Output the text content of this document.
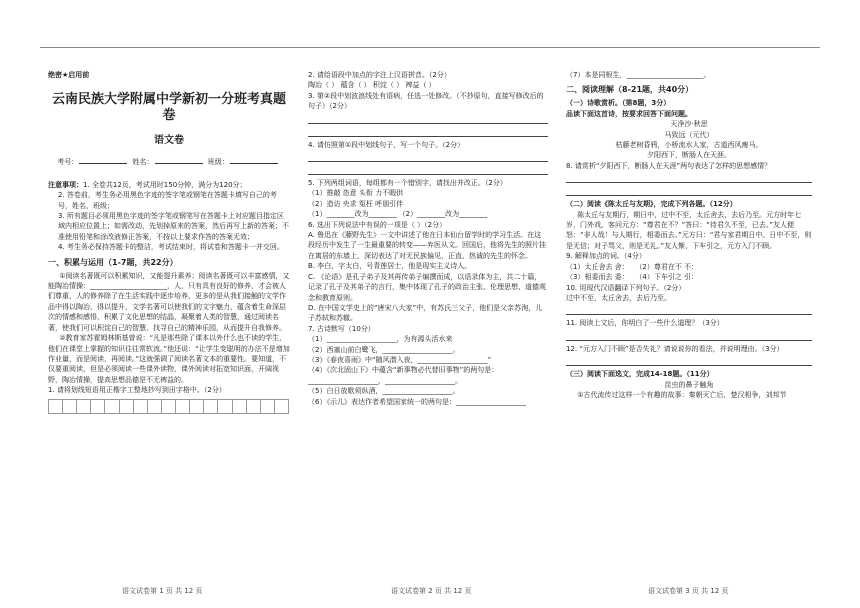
绝密★启用前

云南民族大学附属中学新初一分班考真题卷

语文卷

考号：	姓名：	班级：

注意事项：1. 全卷共12页，考试用时150分钟，满分为120分；

2. 答卷前，考生务必用黑色字迹的签字笔或钢笔在答题卡填写自己的考号，姓名，班级；

3. 所有题目必须用黑色字迹的签字笔或钢笔写在答题卡上对应题目指定区域内相应位置上；如需改动，先划掉原来的答案，然后再写上新的答案；不准使用铅笔和涂改液修正答案，不按以上要求作答的答案无效；

4. 考生务必保持答题卡的整洁，考试结束时，将试卷和答题卡一并交回。

一、积累与运用（1-7题，共22分）

①阅读名著既可以积累知识，又能提升素养；阅读名著既可以丰富感情，又能陶冶情操：______________________，人，只有具有良好的修养，才会被人们尊重，人的修养除了在生活实践中逐步培养，更多的是从我们接触的文学作品中得以陶冶，得以提升，文学名著可以使我们的文字魅力，蕴含着生命深层次的情感和感悟，积累了文化思想的结晶，凝聚着人类的智慧，通过阅读名著，使我们可以积淀自己的智慧，找寻自己的精神乐园，从而提升自我修养。

②教育家苏霍姆林斯基曾说：“凡是那些除了课本以外什么也不读的学生，他们在课堂上掌握的知识往往常软流。”他还说：“让学生变聪明的办法不是增加作业量，而是阅读，再阅读。”这就强调了阅读名著文本的重要性。要知道，不仅要重阅读，但是必须阅读一些课外读物，课外阅读对拓宽知识面，开阔视野，陶冶情操，提高思想品德是不无裨益的。

1. 请将划线短语用正楷字工整地抄写到田字格中。（2分）

2. 请给语段中加点的字注上汉语拼音。（2分）

陶冶（ ） 蕴含（ ） 积淀（ ） 裨益（ ）

3. 第②段中划波浪线处有语病，任选一处修改。（不抄原句，直接写修改后的句子）（2分）

4. 请仿照第①段中划线句子，写一个句子。（2分）

5. 下列两组词语，每组都有一个错别字，请找出并改正。（2分）

（1）推敲 恣意 头衔 力不暇供

（2）造访 央求 冤枉 呼朋引伴

（1）________改为________ （2）________改为________

6. 选出下列说法中有误的一项是（ ）（2分）

A. 鲁迅在《藤野先生》一文中讲述了他在日本仙台留学时的学习生活。在这段经历中发生了一生最重要的转变——弃医从文。回国后，他将先生的照片挂在寓居的东墙上，深切表达了对无民族偏见，正直、热诚的先生的怀念。

B. 李白，字太白，号青莲居士，他是现实主义诗人。

C. 《论语》是孔子弟子及其再传弟子编撰而成，以语录体为主，共二十篇，记录了孔子及其弟子的言行，集中体现了孔子的政治主张、伦理思想、道德观念和教育原则。

D. 在中国文学史上的“唐宋八大家”中，有苏氏三父子，他们是父亲苏洵，儿子苏轼和苏辙。

7. 古诗默写（10分）

（1）____________________，为有源头活水来

（2）西塞山前白鹭飞，____________________。

（3）《春夜喜雨》中“随风潜入夜，____________________”

（4）《次北固山下》中蕴含“新事物必代替旧事物”的两句是：____________________，____________________。

（5）白日放歌须纵酒，____________________。

（6）《示儿》表达作者希望国家统一的两句是：____________________

（7）本是同根生，______________________。

二、阅读理解（8-21题，共40分）

（一）诗歌赏析。（第8题，3分）

品读下面这首诗，按要求回答下面问题。

天净沙·秋思

马致远（元代）

枯藤老树昏鸦，小桥流水人家，古道西风瘦马。

夕阳西下，断肠人在天涯。

8. 请赏析“夕阳西下，断肠人在天涯”两句表达了怎样的思想感情？

（二）阅读《陈太丘与友期》，完成下列各题。（12分）

陈太丘与友期行，期日中，过中不至，太丘舍去，去后乃至。元方时年七岁，门外戏。客问元方：“尊君在不？”答曰：“待君久不至，已去。”友人便怒：“非人哉！与人期行，相委而去。”元方曰：“君与家君期日中。日中不至，则是无信；对子骂父，则是无礼。”友人惭，下车引之，元方入门不顾。

9. 解释加点的词。（4分）

（1）太丘舍去 舍： （2）尊君在不 不：

（3）相委而去 委： （4）下车引之 引：

10. 用现代汉语翻译下列句子。（2分）

过中不至，太丘舍去，去后乃至。

11. 阅读上文后，你明白了一些什么道理？（3分）

12. “元方入门不顾”是否失礼？请说说你的看法，并说明理由。（3分）

（三）阅读下面选文，完成14-18题。（11分）

昆虫的鼻子触角

①古代流传过这样一个有趣的故事：秦朝灭亡后，楚汉相争，刘邦节

语文试卷第 1 页 共 12 页	语文试卷第 2 页 共 12 页	语文试卷第 3 页 共 12 页
